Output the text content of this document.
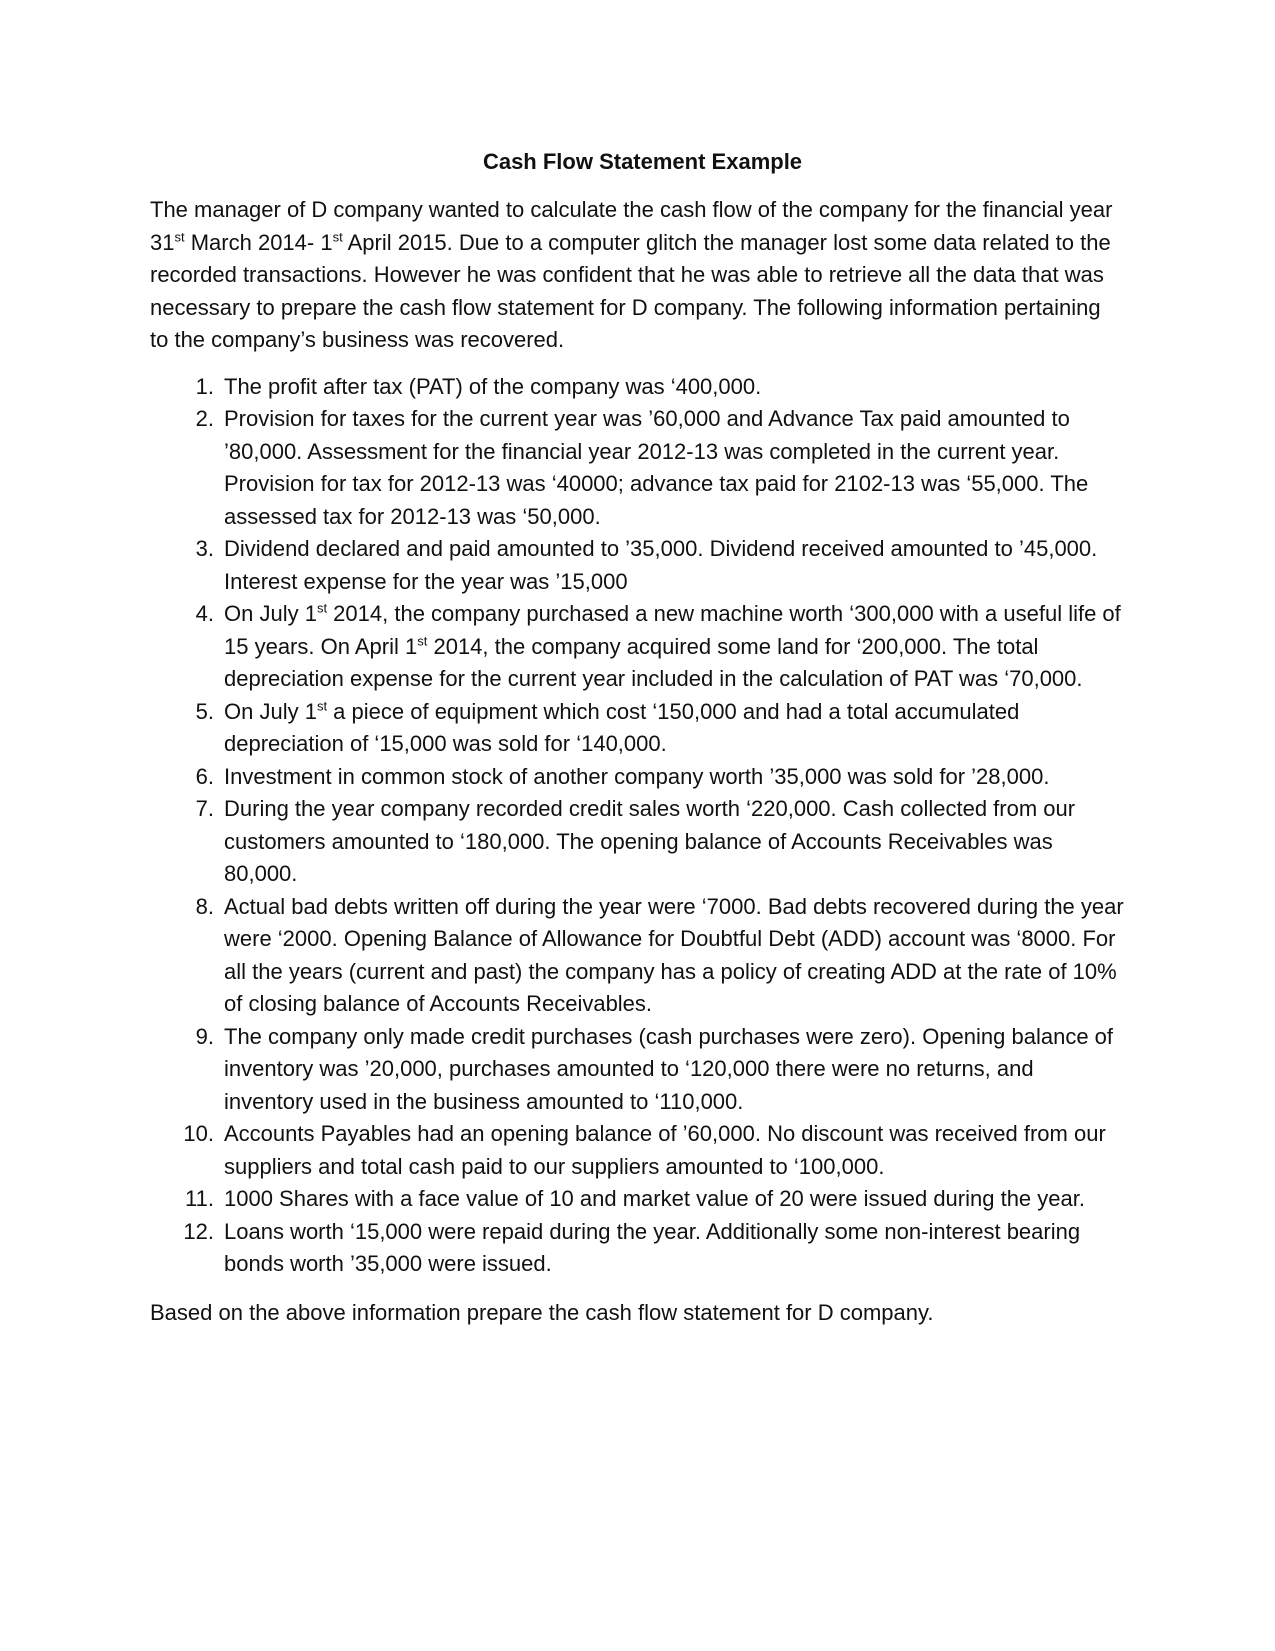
Cash Flow Statement Example

The manager of D company wanted to calculate the cash flow of the company for the financial year 31st March 2014- 1st April 2015. Due to a computer glitch the manager lost some data related to the recorded transactions. However he was confident that he was able to retrieve all the data that was necessary to prepare the cash flow statement for D company. The following information pertaining to the company’s business was recovered.

1. The profit after tax (PAT) of the company was ‘400,000.
2. Provision for taxes for the current year was ’60,000 and Advance Tax paid amounted to ’80,000. Assessment for the financial year 2012-13 was completed in the current year. Provision for tax for 2012-13 was ‘40000; advance tax paid for 2102-13 was ‘55,000. The assessed tax for 2012-13 was ‘50,000.
3. Dividend declared and paid amounted to ’35,000. Dividend received amounted to ’45,000. Interest expense for the year was ’15,000
4. On July 1st 2014, the company purchased a new machine worth ‘300,000 with a useful life of 15 years. On April 1st 2014, the company acquired some land for ‘200,000. The total depreciation expense for the current year included in the calculation of PAT was ‘70,000.
5. On July 1st a piece of equipment which cost ‘150,000 and had a total accumulated depreciation of ‘15,000 was sold for ‘140,000.
6. Investment in common stock of another company worth ’35,000 was sold for ’28,000.
7. During the year company recorded credit sales worth ‘220,000. Cash collected from our customers amounted to ‘180,000. The opening balance of Accounts Receivables was 80,000.
8. Actual bad debts written off during the year were ‘7000. Bad debts recovered during the year were ‘2000. Opening Balance of Allowance for Doubtful Debt (ADD) account was ‘8000. For all the years (current and past) the company has a policy of creating ADD at the rate of 10% of closing balance of Accounts Receivables.
9. The company only made credit purchases (cash purchases were zero). Opening balance of inventory was ’20,000, purchases amounted to ‘120,000 there were no returns, and inventory used in the business amounted to ‘110,000.
10. Accounts Payables had an opening balance of ’60,000. No discount was received from our suppliers and total cash paid to our suppliers amounted to ‘100,000.
11. 1000 Shares with a face value of 10 and market value of 20 were issued during the year.
12. Loans worth ‘15,000 were repaid during the year. Additionally some non-interest bearing bonds worth ’35,000 were issued.

Based on the above information prepare the cash flow statement for D company.
